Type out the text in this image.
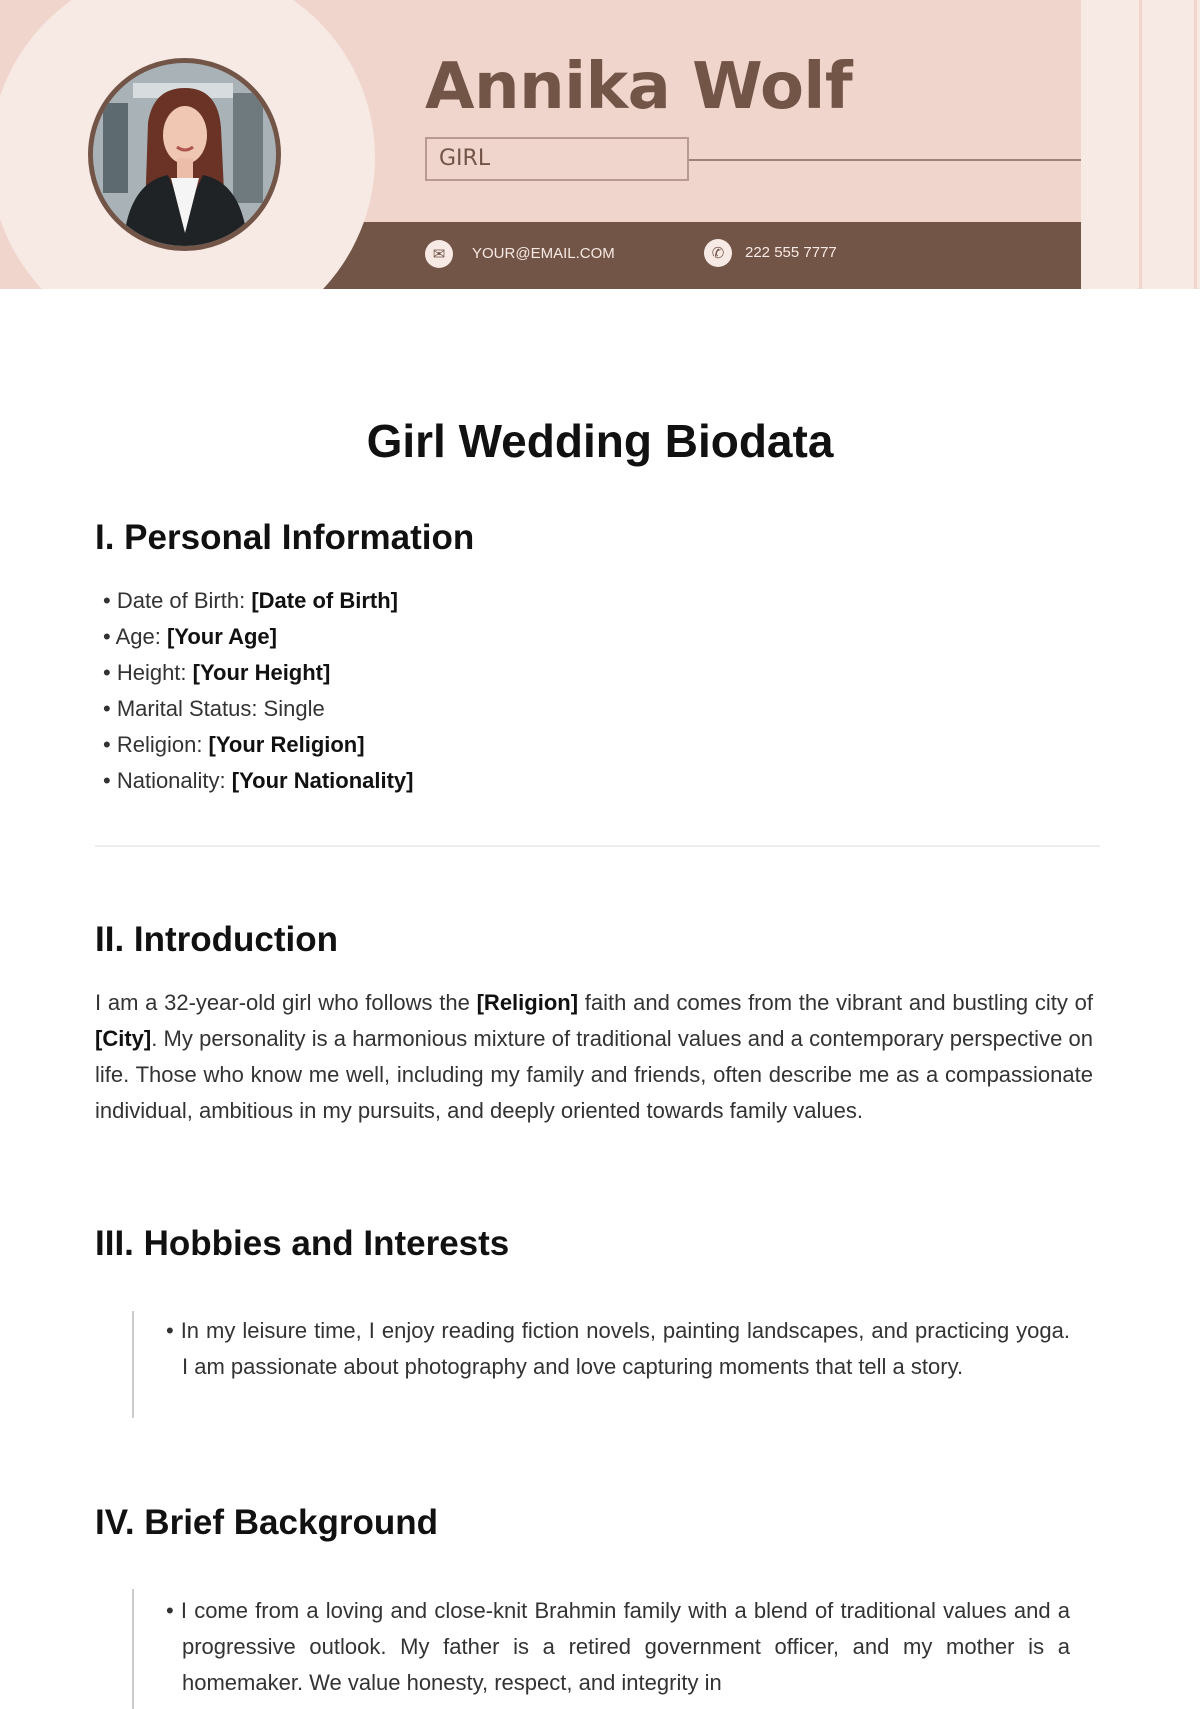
Annika Wolf
GIRL
✉	YOUR@EMAIL.COM	✆	222 555 7777
Girl Wedding Biodata
I. Personal Information
• Date of Birth: [Date of Birth]
• Age: [Your Age]
• Height: [Your Height]
• Marital Status: Single
• Religion: [Your Religion]
• Nationality: [Your Nationality]
II. Introduction
I am a 32-year-old girl who follows the [Religion] faith and comes from the vibrant and bustling city of [City]. My personality is a harmonious mixture of traditional values and a contemporary perspective on life. Those who know me well, including my family and friends, often describe me as a compassionate individual, ambitious in my pursuits, and deeply oriented towards family values.
III. Hobbies and Interests
• In my leisure time, I enjoy reading fiction novels, painting landscapes, and practicing yoga. I am passionate about photography and love capturing moments that tell a story.
IV. Brief Background
• I come from a loving and close-knit Brahmin family with a blend of traditional values and a progressive outlook. My father is a retired government officer, and my mother is a homemaker. We value honesty, respect, and integrity in
